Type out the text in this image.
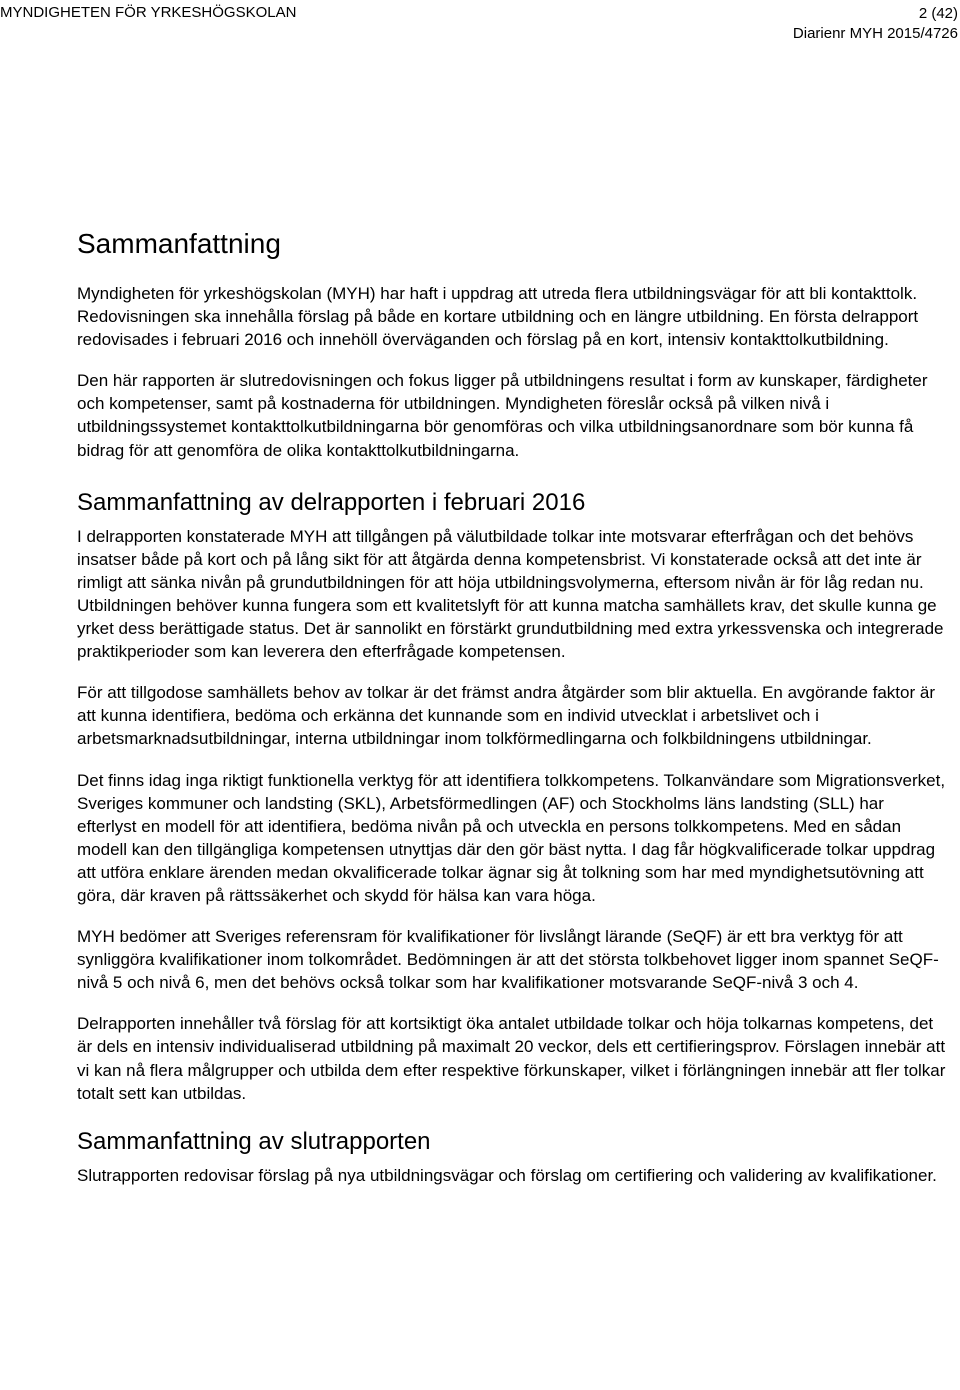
MYNDIGHETEN FÖR YRKESHÖGSKOLAN	2 (42)
Diarienr MYH 2015/4726
Sammanfattning

Myndigheten för yrkeshögskolan (MYH) har haft i uppdrag att utreda flera utbildningsvägar för att bli kontakttolk. Redovisningen ska innehålla förslag på både en kortare utbildning och en längre utbildning. En första delrapport redovisades i februari 2016 och innehöll överväganden och förslag på en kort, intensiv kontakttolkutbildning.

Den här rapporten är slutredovisningen och fokus ligger på utbildningens resultat i form av kunskaper, färdigheter och kompetenser, samt på kostnaderna för utbildningen. Myndigheten föreslår också på vilken nivå i utbildningssystemet kontakttolkutbildningarna bör genomföras och vilka utbildningsanordnare som bör kunna få bidrag för att genomföra de olika kontakttolkutbildningarna.

Sammanfattning av delrapporten i februari 2016

I delrapporten konstaterade MYH att tillgången på välutbildade tolkar inte motsvarar efterfrågan och det behövs insatser både på kort och på lång sikt för att åtgärda denna kompetensbrist. Vi konstaterade också att det inte är rimligt att sänka nivån på grundutbildningen för att höja utbildningsvolymerna, eftersom nivån är för låg redan nu. Utbildningen behöver kunna fungera som ett kvalitetslyft för att kunna matcha samhällets krav, det skulle kunna ge yrket dess berättigade status. Det är sannolikt en förstärkt grundutbildning med extra yrkessvenska och integrerade praktikperioder som kan leverera den efterfrågade kompetensen.

För att tillgodose samhällets behov av tolkar är det främst andra åtgärder som blir aktuella. En avgörande faktor är att kunna identifiera, bedöma och erkänna det kunnande som en individ utvecklat i arbetslivet och i arbetsmarknadsutbildningar, interna utbildningar inom tolkförmedlingarna och folkbildningens utbildningar.

Det finns idag inga riktigt funktionella verktyg för att identifiera tolkkompetens. Tolkanvändare som Migrationsverket, Sveriges kommuner och landsting (SKL), Arbetsförmedlingen (AF) och Stockholms läns landsting (SLL) har efterlyst en modell för att identifiera, bedöma nivån på och utveckla en persons tolkkompetens. Med en sådan modell kan den tillgängliga kompetensen utnyttjas där den gör bäst nytta. I dag får högkvalificerade tolkar uppdrag att utföra enklare ärenden medan okvalificerade tolkar ägnar sig åt tolkning som har med myndighetsutövning att göra, där kraven på rättssäkerhet och skydd för hälsa kan vara höga.

MYH bedömer att Sveriges referensram för kvalifikationer för livslångt lärande (SeQF) är ett bra verktyg för att synliggöra kvalifikationer inom tolkområdet. Bedömningen är att det största tolkbehovet ligger inom spannet SeQF-nivå 5 och nivå 6, men det behövs också tolkar som har kvalifikationer motsvarande SeQF-nivå 3 och 4.

Delrapporten innehåller två förslag för att kortsiktigt öka antalet utbildade tolkar och höja tolkarnas kompetens, det är dels en intensiv individualiserad utbildning på maximalt 20 veckor, dels ett certifieringsprov. Förslagen innebär att vi kan nå flera målgrupper och utbilda dem efter respektive förkunskaper, vilket i förlängningen innebär att fler tolkar totalt sett kan utbildas.

Sammanfattning av slutrapporten

Slutrapporten redovisar förslag på nya utbildningsvägar och förslag om certifiering och validering av kvalifikationer.
